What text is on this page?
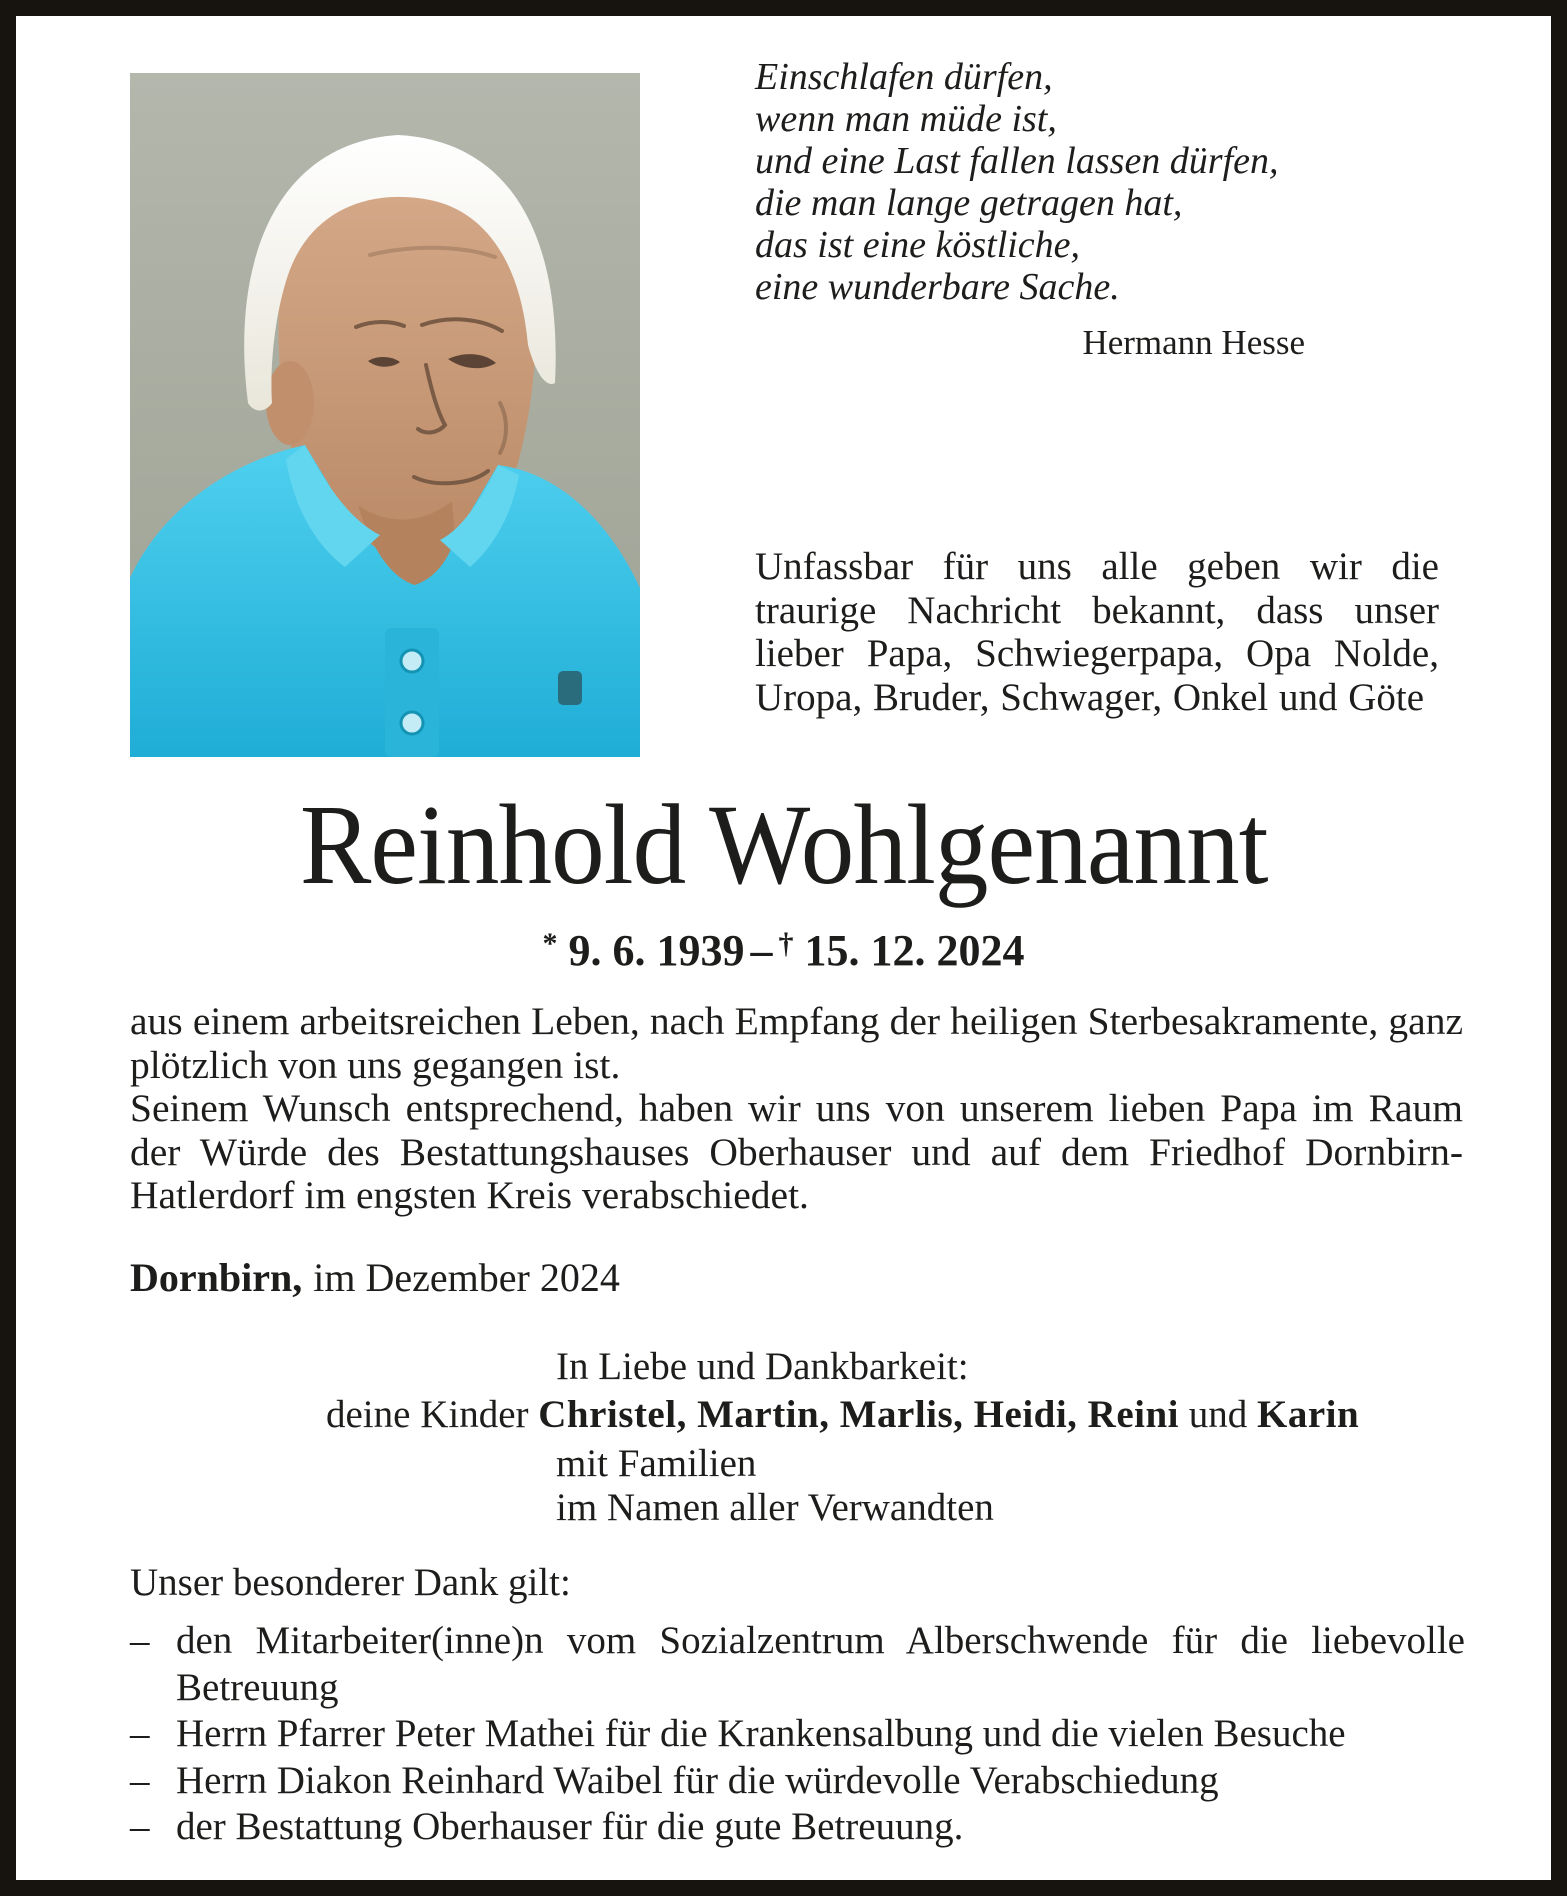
Einschlafen dürfen,
wenn man müde ist,
und eine Last fallen lassen dürfen,
die man lange getragen hat,
das ist eine köstliche,
eine wunderbare Sache.
Hermann Hesse

Unfassbar für uns alle geben wir die traurige Nachricht bekannt, dass unser lieber Papa, Schwiegerpapa, Opa Nolde, Uropa, Bruder, Schwager, Onkel und Göte

Reinhold Wohlgenannt
* 9. 6. 1939 – † 15. 12. 2024

aus einem arbeitsreichen Leben, nach Empfang der heiligen Sterbesakramente, ganz plötzlich von uns gegangen ist.

Seinem Wunsch entsprechend, haben wir uns von unserem lieben Papa im Raum der Würde des Bestattungshauses Oberhauser und auf dem Friedhof Dornbirn-Hatlerdorf im engsten Kreis verabschiedet.

Dornbirn, im Dezember 2024
In Liebe und Dankbarkeit:
deine Kinder Christel, Martin, Marlis, Heidi, Reini und Karin
mit Familien
im Namen aller Verwandten
Unser besonderer Dank gilt:
– den Mitarbeiter(inne)n vom Sozialzentrum Alberschwende für die liebevolle Betreuung
– Herrn Pfarrer Peter Mathei für die Krankensalbung und die vielen Besuche
– Herrn Diakon Reinhard Waibel für die würdevolle Verabschiedung
– der Bestattung Oberhauser für die gute Betreuung.
